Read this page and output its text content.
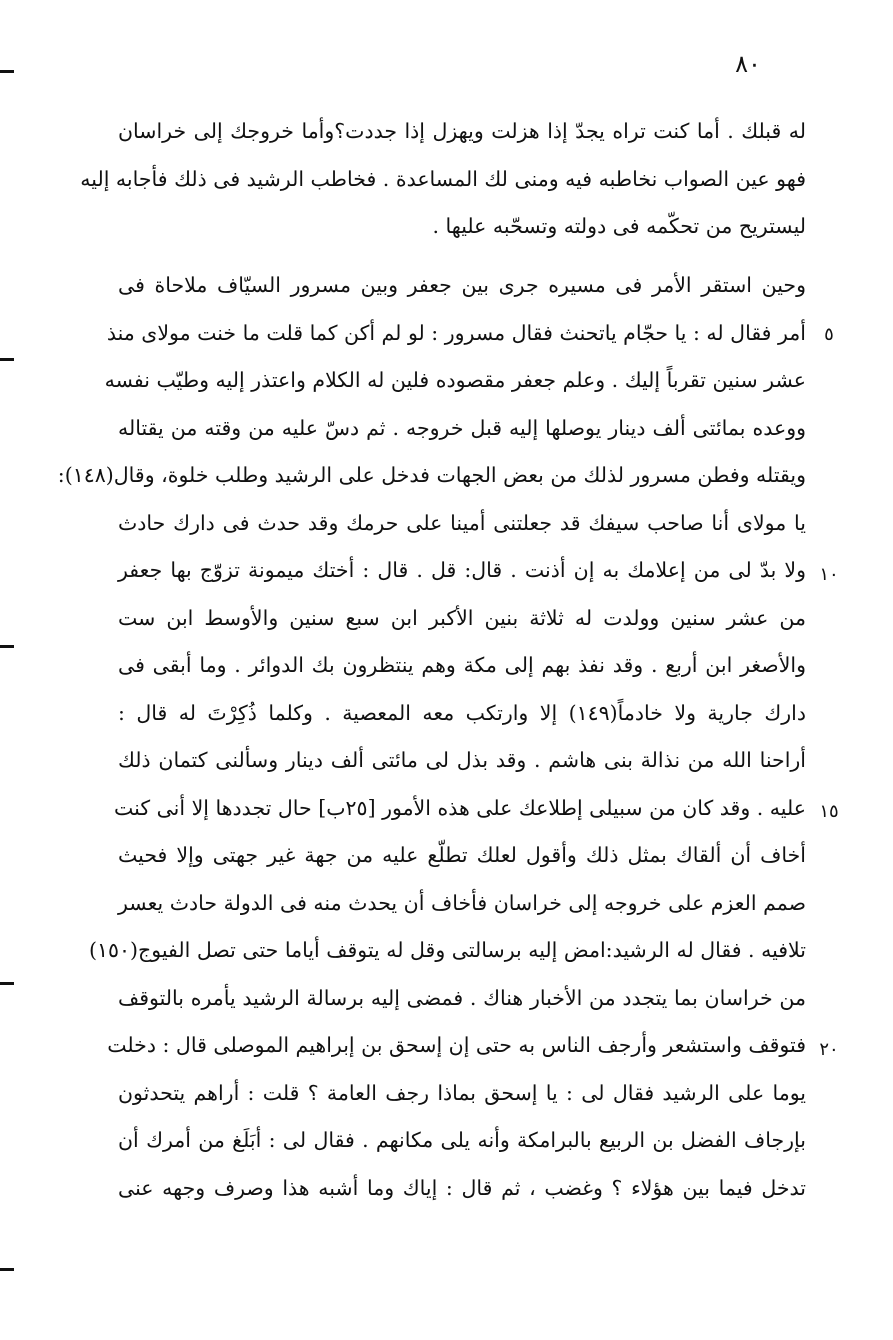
٨٠
له قبلك . أما كنت تراه يجدّ إذا هزلت ويهزل إذا جددت؟وأما خروجك إلى خراسان
فهو عين الصواب نخاطبه فيه ومنى لك المساعدة . فخاطب الرشيد فى ذلك فأجابه إليه
ليستريح من تحكّمه فى دولته وتسحّبه عليها .
وحين استقر الأمر فى مسيره جرى بين جعفر وبين مسرور السيّاف ملاحاة فى
أمر فقال له : يا حجّام ياتحنث فقال مسرور : لو لم أكن كما قلت ما خنت مولاى منذ
عشر سنين تقرباً إليك . وعلم جعفر مقصوده فلين له الكلام واعتذر إليه وطيّب نفسه
ووعده بمائتى ألف دينار يوصلها إليه قبل خروجه . ثم دسّ عليه من وقته من يقتاله
ويقتله وفطن مسرور لذلك من بعض الجهات فدخل على الرشيد وطلب خلوة، وقال(١٤٨):
يا مولاى أنا صاحب سيفك قد جعلتنى أمينا على حرمك وقد حدث فى دارك حادث
ولا بدّ لى من إعلامك به إن أذنت . قال: قل . قال : أختك ميمونة تزوّج بها جعفر
من عشر سنين وولدت له ثلاثة بنين الأكبر ابن سبع سنين والأوسط ابن ست
والأصغر ابن أربع . وقد نفذ بهم إلى مكة وهم ينتظرون بك الدوائر . وما أبقى فى
دارك جارية ولا خادماً(١٤٩) إلا وارتكب معه المعصية . وكلما ذُكِرْتَ له قال :
أراحنا الله من نذالة بنى هاشم . وقد بذل لى مائتى ألف دينار وسألنى كتمان ذلك
عليه . وقد كان من سبيلى إطلاعك على هذه الأمور [٢٥ب] حال تجددها إلا أنى كنت
أخاف أن ألقاك بمثل ذلك وأقول لعلك تطلّع عليه من جهة غير جهتى وإلا فحيث
صمم العزم على خروجه إلى خراسان فأخاف أن يحدث منه فى الدولة حادث يعسر
تلافيه . فقال له الرشيد:امض إليه برسالتى وقل له يتوقف أياما حتى تصل الفيوج(١٥٠)
من خراسان بما يتجدد من الأخبار هناك . فمضى إليه برسالة الرشيد يأمره بالتوقف
فتوقف واستشعر وأرجف الناس به حتى إن إسحق بن إبراهيم الموصلى قال : دخلت
يوما على الرشيد فقال لى : يا إسحق بماذا رجف العامة ؟ قلت : أراهم يتحدثون
بإرجاف الفضل بن الربيع بالبرامكة وأنه يلى مكانهم . فقال لى : أبَلَغ من أمرك أن
تدخل فيما بين هؤلاء ؟ وغضب ، ثم قال : إياك وما أشبه هذا وصرف وجهه عنى
٥
١٠
١٥
٢٠
